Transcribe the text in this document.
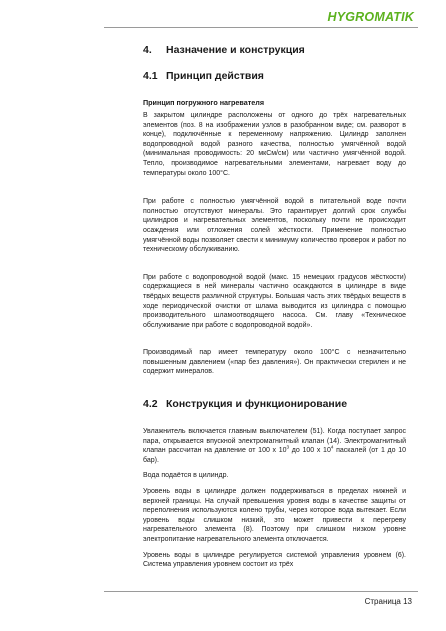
HYGROMATIK
4.	Назначение и конструкция
4.1 Принцип действия
Принцип погружного нагревателя

В закрытом цилиндре расположены от одного до трёх нагревательных элементов (поз. 8 на изображении узлов в разобранном виде; см. разворот в конце), подключённые к переменному напряжению. Цилиндр заполнен водопроводной водой разного качества, полностью умягчённой водой (минимальная проводимость: 20 мкСм/см) или частично умягчённой водой. Тепло, производимое нагревательными элементами, нагревает воду до температуры около 100°C.

При работе с полностью умягчённой водой в питательной воде почти полностью отсутствуют минералы. Это гарантирует долгий срок службы цилиндров и нагревательных элементов, поскольку почти не происходит осаждения или отложения солей жёсткости. Применение полностью умягчённой воды позволяет свести к минимуму количество проверок и работ по техническому обслуживанию.

При работе с водопроводной водой (макс. 15 немецких градусов жёсткости) содержащиеся в ней минералы частично осаждаются в цилиндре в виде твёрдых веществ различной структуры. Большая часть этих твёрдых веществ в ходе периодической очистки от шлама выводится из цилиндра с помощью производительного шламоотводящего насоса. См. главу «Техническое обслуживание при работе с водопроводной водой».

Производимый пар имеет температуру около 100°C с незначительно повышенным давлением («пар без давления»). Он практически стерилен и не содержит минералов.

4.2 Конструкция и функционирование

Увлажнитель включается главным выключателем (51). Когда поступает запрос пара, открывается впускной электромагнитный клапан (14). Электромагнитный клапан рассчитан на давление от 100 x $10^3$ до 100 x $10^4$ паскалей (от 1 до 10 бар).

Вода подаётся в цилиндр.

Уровень воды в цилиндре должен поддерживаться в пределах нижней и верхней границы. На случай превышения уровня воды в качестве защиты от переполнения используются колено трубы, через которое вода вытекает. Если уровень воды слишком низкий, это может привести к перегреву нагревательного элемента (8). Поэтому при слишком низком уровне электропитание нагревательного элемента отключается.

Уровень воды в цилиндре регулируется системой управления уровнем (6). Система управления уровнем состоит из трёх

Страница 13
